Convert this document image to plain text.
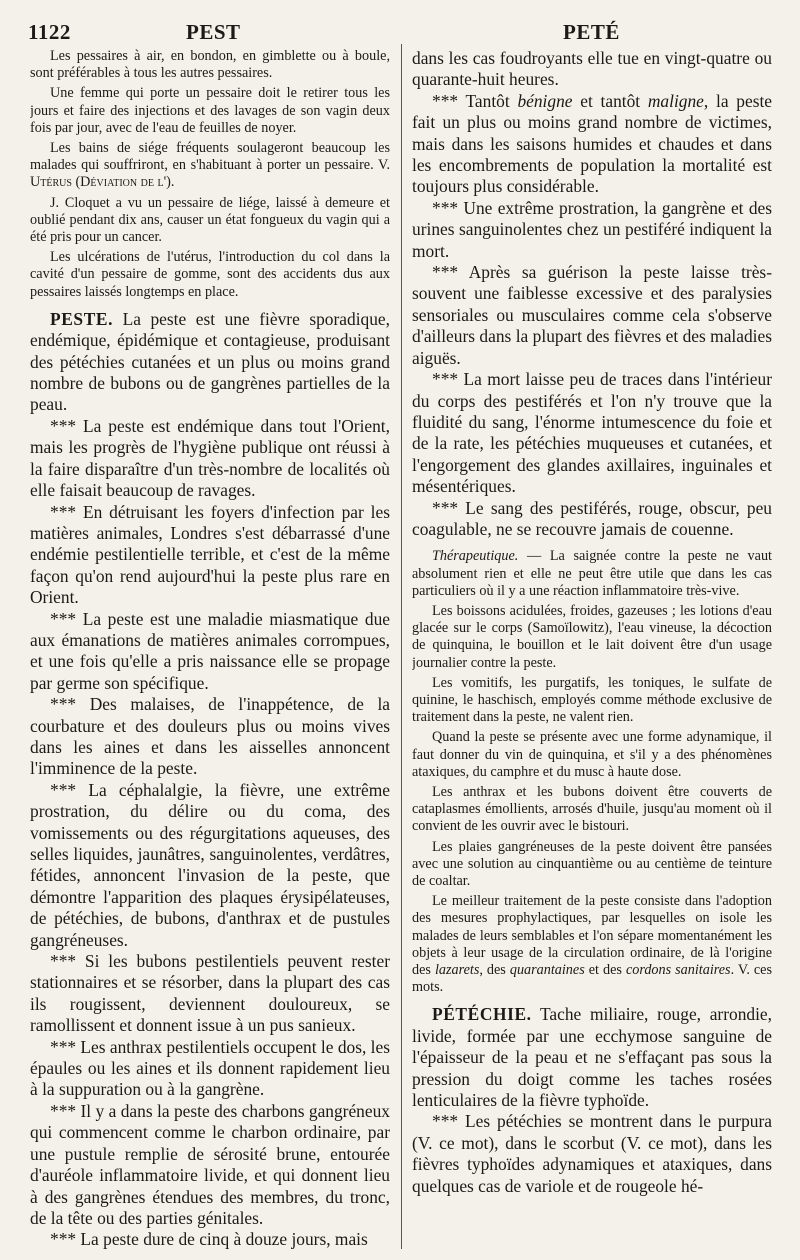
1122	PEST	PETÉ

Les pessaires à air, en bondon, en gimblette ou à boule, sont préférables à tous les autres pessaires.

Une femme qui porte un pessaire doit le retirer tous les jours et faire des injections et des lavages de son vagin deux fois par jour, avec de l'eau de feuilles de noyer.

Les bains de siége fréquents soulageront beaucoup les malades qui souffriront, en s'habituant à porter un pessaire. V. Utérus (Déviation de l').

J. Cloquet a vu un pessaire de liége, laissé à demeure et oublié pendant dix ans, causer un état fongueux du vagin qui a été pris pour un cancer.

Les ulcérations de l'utérus, l'introduction du col dans la cavité d'un pessaire de gomme, sont des accidents dus aux pessaires laissés longtemps en place.

PESTE. La peste est une fièvre sporadique, endémique, épidémique et contagieuse, produisant des pétéchies cutanées et un plus ou moins grand nombre de bubons ou de gangrènes partielles de la peau.

*** La peste est endémique dans tout l'Orient, mais les progrès de l'hygiène publique ont réussi à la faire disparaître d'un très-nombre de localités où elle faisait beaucoup de ravages.

*** En détruisant les foyers d'infection par les matières animales, Londres s'est débarrassé d'une endémie pestilentielle terrible, et c'est de la même façon qu'on rend aujourd'hui la peste plus rare en Orient.

*** La peste est une maladie miasmatique due aux émanations de matières animales corrompues, et une fois qu'elle a pris naissance elle se propage par germe son spécifique.

*** Des malaises, de l'inappétence, de la courbature et des douleurs plus ou moins vives dans les aines et dans les aisselles annoncent l'imminence de la peste.

*** La céphalalgie, la fièvre, une extrême prostration, du délire ou du coma, des vomissements ou des régurgitations aqueuses, des selles liquides, jaunâtres, sanguinolentes, verdâtres, fétides, annoncent l'invasion de la peste, que démontre l'apparition des plaques érysipélateuses, de pétéchies, de bubons, d'anthrax et de pustules gangréneuses.

*** Si les bubons pestilentiels peuvent rester stationnaires et se résorber, dans la plupart des cas ils rougissent, deviennent douloureux, se ramollissent et donnent issue à un pus sanieux.

*** Les anthrax pestilentiels occupent le dos, les épaules ou les aines et ils donnent rapidement lieu à la suppuration ou à la gangrène.

*** Il y a dans la peste des charbons gangréneux qui commencent comme le charbon ordinaire, par une pustule remplie de sérosité brune, entourée d'auréole inflammatoire livide, et qui donnent lieu à des gangrènes étendues des membres, du tronc, de la tête ou des parties génitales.

*** La peste dure de cinq à douze jours, mais

dans les cas foudroyants elle tue en vingt-quatre ou quarante-huit heures.

*** Tantôt bénigne et tantôt maligne, la peste fait un plus ou moins grand nombre de victimes, mais dans les saisons humides et chaudes et dans les encombrements de population la mortalité est toujours plus considérable.

*** Une extrême prostration, la gangrène et des urines sanguinolentes chez un pestiféré indiquent la mort.

*** Après sa guérison la peste laisse très-souvent une faiblesse excessive et des paralysies sensoriales ou musculaires comme cela s'observe d'ailleurs dans la plupart des fièvres et des maladies aiguës.

*** La mort laisse peu de traces dans l'intérieur du corps des pestiférés et l'on n'y trouve que la fluidité du sang, l'énorme intumescence du foie et de la rate, les pétéchies muqueuses et cutanées, et l'engorgement des glandes axillaires, inguinales et mésentériques.

*** Le sang des pestiférés, rouge, obscur, peu coagulable, ne se recouvre jamais de couenne.

Thérapeutique. — La saignée contre la peste ne vaut absolument rien et elle ne peut être utile que dans les cas particuliers où il y a une réaction inflammatoire très-vive.

Les boissons acidulées, froides, gazeuses ; les lotions d'eau glacée sur le corps (Samoïlowitz), l'eau vineuse, la décoction de quinquina, le bouillon et le lait doivent être d'un usage journalier contre la peste.

Les vomitifs, les purgatifs, les toniques, le sulfate de quinine, le haschisch, employés comme méthode exclusive de traitement dans la peste, ne valent rien.

Quand la peste se présente avec une forme adynamique, il faut donner du vin de quinquina, et s'il y a des phénomènes ataxiques, du camphre et du musc à haute dose.

Les anthrax et les bubons doivent être couverts de cataplasmes émollients, arrosés d'huile, jusqu'au moment où il convient de les ouvrir avec le bistouri.

Les plaies gangréneuses de la peste doivent être pansées avec une solution au cinquantième ou au centième de teinture de coaltar.

Le meilleur traitement de la peste consiste dans l'adoption des mesures prophylactiques, par lesquelles on isole les malades de leurs semblables et l'on sépare momentanément les objets à leur usage de la circulation ordinaire, de là l'origine des lazarets, des quarantaines et des cordons sanitaires. V. ces mots.

PÉTÉCHIE. Tache miliaire, rouge, arrondie, livide, formée par une ecchymose sanguine de l'épaisseur de la peau et ne s'effaçant pas sous la pression du doigt comme les taches rosées lenticulaires de la fièvre typhoïde.

*** Les pétéchies se montrent dans le purpura (V. ce mot), dans le scorbut (V. ce mot), dans les fièvres typhoïdes adynamiques et ataxiques, dans quelques cas de variole et de rougeole hé-
